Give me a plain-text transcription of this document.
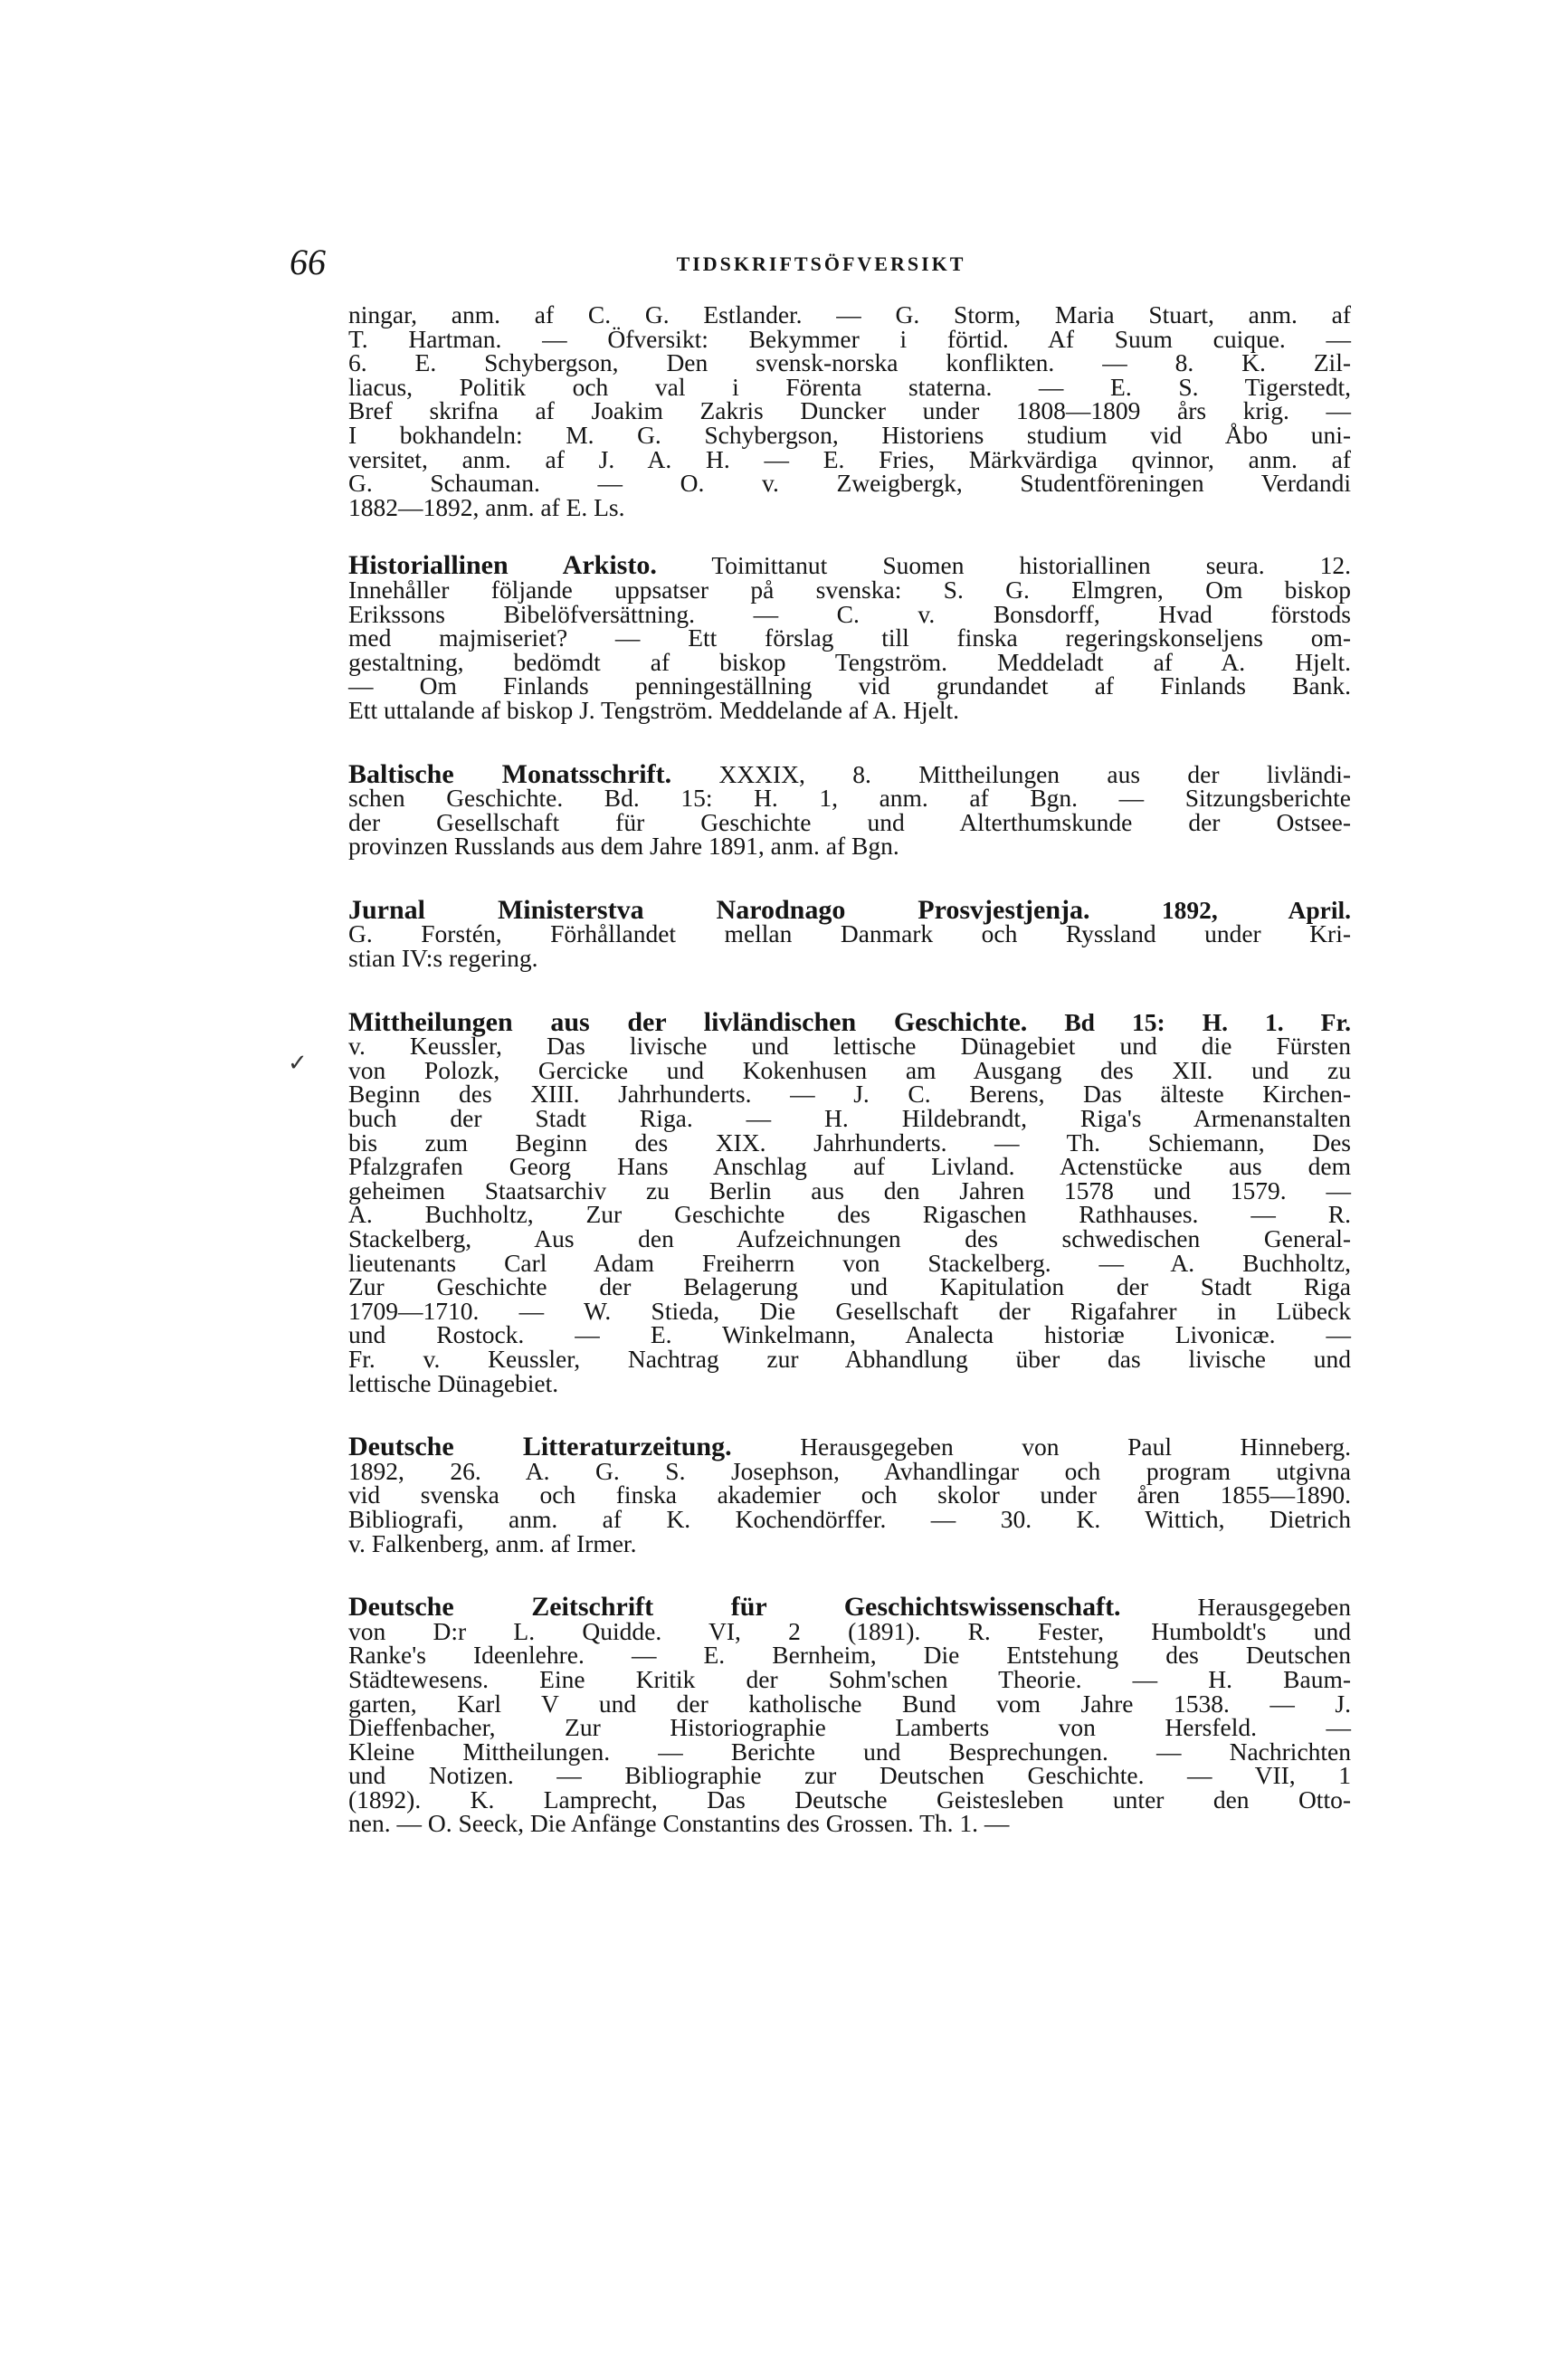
66	TIDSKRIFTSÖFVERSIKT
✓
ningar, anm. af C. G. Estlander. — G. Storm, Maria Stuart, anm. af
T. Hartman. — Öfversikt: Bekymmer i förtid. Af Suum cuique. —
6. E. Schybergson, Den svensk-norska konflikten. — 8. K. Zil-
liacus, Politik och val i Förenta staterna. — E. S. Tigerstedt,
Bref skrifna af Joakim Zakris Duncker under 1808—1809 års krig. —
I bokhandeln: M. G. Schybergson, Historiens studium vid Åbo uni-
versitet, anm. af J. A. H. — E. Fries, Märkvärdiga qvinnor, anm. af
G. Schauman. — O. v. Zweigbergk, Studentföreningen Verdandi
1882—1892, anm. af E. Ls.
Historiallinen Arkisto. Toimittanut Suomen historiallinen seura. 12.
Innehåller följande uppsatser på svenska: S. G. Elmgren, Om biskop
Erikssons Bibelöfversättning. — C. v. Bonsdorff, Hvad förstods
med majmiseriet? — Ett förslag till finska regeringskonseljens om-
gestaltning, bedömdt af biskop Tengström. Meddeladt af A. Hjelt.
— Om Finlands penningeställning vid grundandet af Finlands Bank.
Ett uttalande af biskop J. Tengström. Meddelande af A. Hjelt.
Baltische Monatsschrift. XXXIX, 8. Mittheilungen aus der livländi-
schen Geschichte. Bd. 15: H. 1, anm. af Bgn. — Sitzungsberichte
der Gesellschaft für Geschichte und Alterthumskunde der Ostsee-
provinzen Russlands aus dem Jahre 1891, anm. af Bgn.
Jurnal Ministerstva Narodnago Prosvjestjenja. 1892, April.
G. Forstén, Förhållandet mellan Danmark och Ryssland under Kri-
stian IV:s regering.
Mittheilungen aus der livländischen Geschichte. Bd 15: H. 1. Fr.
v. Keussler, Das livische und lettische Dünagebiet und die Fürsten
von Polozk, Gercicke und Kokenhusen am Ausgang des XII. und zu
Beginn des XIII. Jahrhunderts. — J. C. Berens, Das älteste Kirchen-
buch der Stadt Riga. — H. Hildebrandt, Riga's Armenanstalten
bis zum Beginn des XIX. Jahrhunderts. — Th. Schiemann, Des
Pfalzgrafen Georg Hans Anschlag auf Livland. Actenstücke aus dem
geheimen Staatsarchiv zu Berlin aus den Jahren 1578 und 1579. —
A. Buchholtz, Zur Geschichte des Rigaschen Rathhauses. — R.
Stackelberg, Aus den Aufzeichnungen des schwedischen General-
lieutenants Carl Adam Freiherrn von Stackelberg. — A. Buchholtz,
Zur Geschichte der Belagerung und Kapitulation der Stadt Riga
1709—1710. — W. Stieda, Die Gesellschaft der Rigafahrer in Lübeck
und Rostock. — E. Winkelmann, Analecta historiæ Livonicæ. —
Fr. v. Keussler, Nachtrag zur Abhandlung über das livische und
lettische Dünagebiet.
Deutsche Litteraturzeitung. Herausgegeben von Paul Hinneberg.
1892, 26. A. G. S. Josephson, Avhandlingar och program utgivna
vid svenska och finska akademier och skolor under åren 1855—1890.
Bibliografi, anm. af K. Kochendörffer. — 30. K. Wittich, Dietrich
v. Falkenberg, anm. af Irmer.
Deutsche Zeitschrift für Geschichtswissenschaft. Herausgegeben
von D:r L. Quidde. VI, 2 (1891). R. Fester, Humboldt's und
Ranke's Ideenlehre. — E. Bernheim, Die Entstehung des Deutschen
Städtewesens. Eine Kritik der Sohm'schen Theorie. — H. Baum-
garten, Karl V und der katholische Bund vom Jahre 1538. — J.
Dieffenbacher, Zur Historiographie Lamberts von Hersfeld. —
Kleine Mittheilungen. — Berichte und Besprechungen. — Nachrichten
und Notizen. — Bibliographie zur Deutschen Geschichte. — VII, 1
(1892). K. Lamprecht, Das Deutsche Geistesleben unter den Otto-
nen. — O. Seeck, Die Anfänge Constantins des Grossen. Th. 1. —
